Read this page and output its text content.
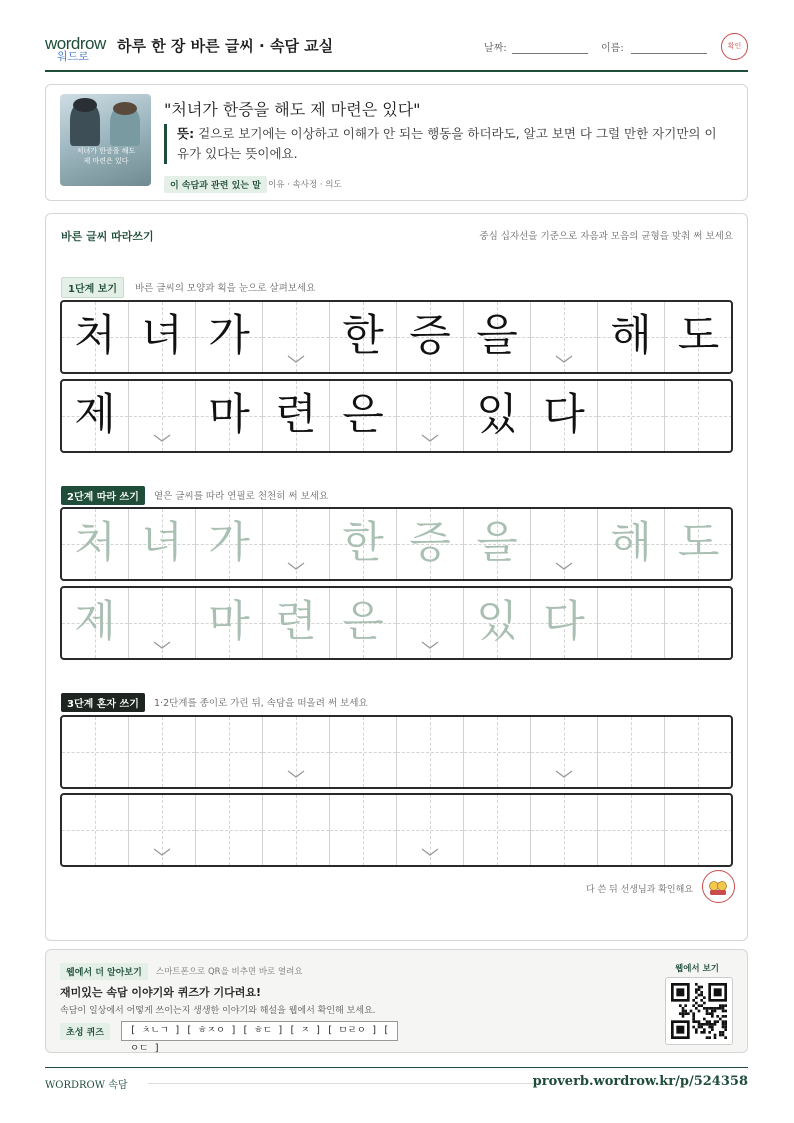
wordrow
워드로
하루 한 장 바른 글씨 · 속담 교실	날짜:	이름:	확인
처녀가 한증을 해도
제 마련은 있다
"처녀가 한증을 해도 제 마련은 있다"
뜻: 겉으로 보기에는 이상하고 이해가 안 되는 행동을 하더라도, 알고 보면 다 그럴 만한 자기만의 이유가 있다는 뜻이에요.
이 속담과 관련 있는 말 이유 · 속사정 · 의도
바른 글씨 따라쓰기	중심 십자선을 기준으로 자음과 모음의 균형을 맞춰 써 보세요
1단계 보기	바른 글씨의 모양과 획을 눈으로 살펴보세요
2단계 따라 쓰기	옅은 글씨를 따라 연필로 천천히 써 보세요
3단계 혼자 쓰기	1·2단계를 종이로 가린 뒤, 속담을 떠올려 써 보세요
다 쓴 뒤 선생님과 확인해요
처 녀 가 한 증 을 해 도
제 마 련 은 있 다
처 녀 가 한 증 을 해 도
제 마 련 은 있 다
웹에서 더 알아보기	스마트폰으로 QR을 비추면 바로 열려요
재미있는 속담 이야기와 퀴즈가 기다려요!
속담이 일상에서 어떻게 쓰이는지 생생한 이야기와 해설을 웹에서 확인해 보세요.
초성 퀴즈	[ ㅊㄴㄱ ] [ ㅎㅈㅇ ] [ ㅎㄷ ] [ ㅈ ] [ ㅁㄹㅇ ] [ ㅇㄷ ]
웹에서 보기
WORDROW 속담	proverb.wordrow.kr/p/524358
